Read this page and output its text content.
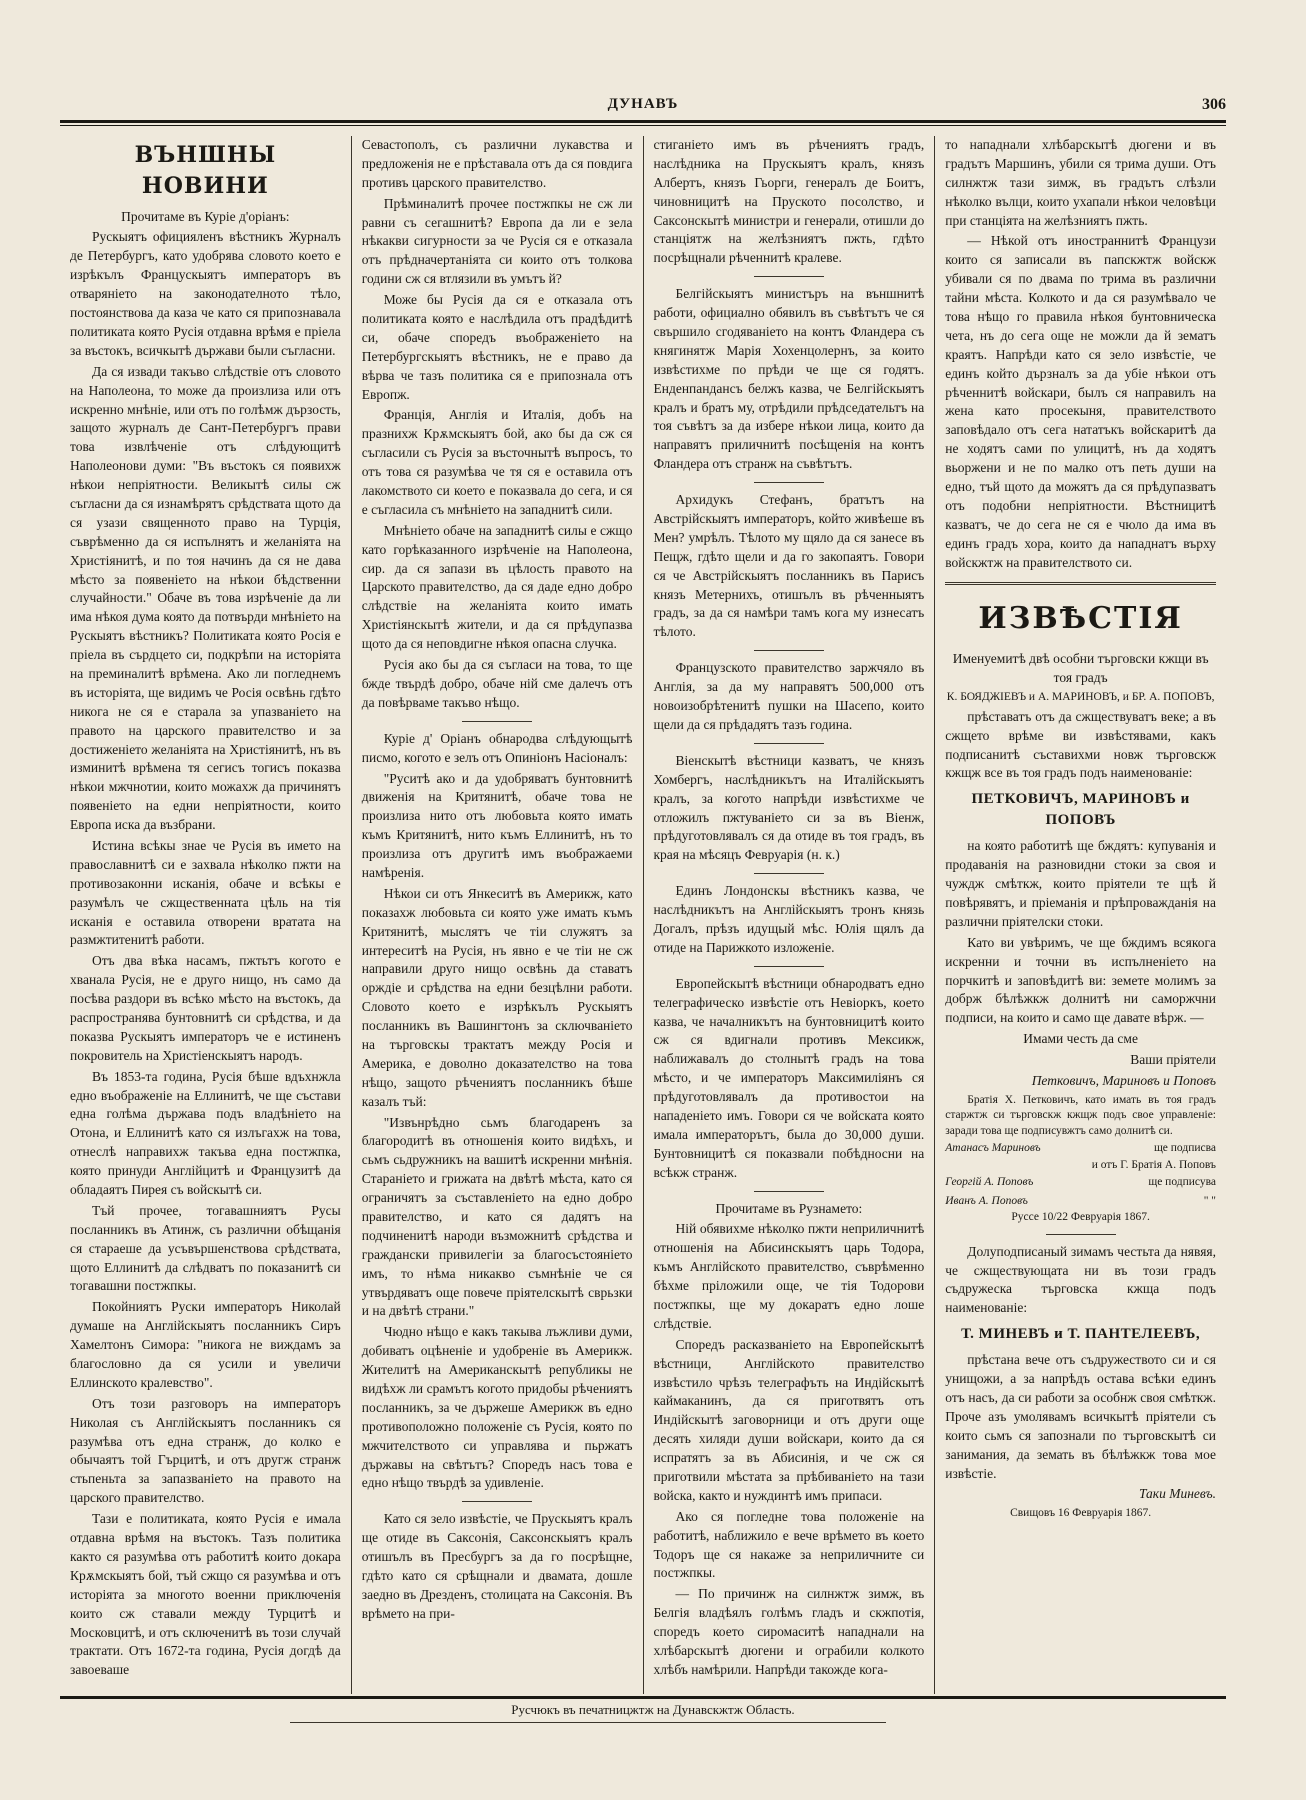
ДУНАВЪ	306
ВЪНШНЫ НОВИНИ

Прочитаме въ Курiе д'орiанъ:

Рускыятъ официяленъ вѣстникъ Журналъ де Петербургъ, като удобрява словото което е изрѣкълъ Францускыятъ императоръ въ отварянiето на законодателното тѣло, постоянствова да каза че като ся припознавала политиката която Русiя отдавна врѣмя е прiела за въстокъ, всичкытѣ държави были съгласни.

Да ся извади такъво слѣдствiе отъ словото на Наполеона, то може да произлиза или отъ искренно мнѣнiе, или отъ по голѣмж дързость, защото журналъ де Сант-Петербургъ прави това извлѣченiе отъ слѣдующитѣ Наполеонови думи: "Въ въстокъ ся появихж нѣкои непрiятности. Великытѣ силы сж съгласни да ся изнамѣрятъ срѣдствата щото да ся узази священното право на Турцiя, съврѣменно да ся испълнятъ и желанiята на Христiянитѣ, и по тоя начинъ да ся не дава мѣсто за появенiето на нѣкои бѣдственни случайности." Обаче въ това изрѣченiе да ли има нѣкоя дума която да потвърди мнѣнiето на Рускыятъ вѣстникъ? Политиката която Росiя е прiела въ сърдцето си, подкрѣпи на исторiята на преминалитѣ врѣмена. Ако ли погледнемъ въ исторiята, ще видимъ че Росiя освѣнь гдѣто никога не ся е старала за упазванiето на правото на царского правителство и за достиженiето желанiята на Христiянитѣ, нъ въ изминитѣ врѣмена тя сегисъ тогисъ показва нѣкои мжчнотии, които можахж да причинятъ появенiето на едни непрiятности, които Европа иска да възбрани.

Истина всѣкы знае че Русiя въ името на православнитѣ си е захвала нѣколко пжти на противозаконни исканiя, обаче и всѣкы е разумѣлъ че сжщественната цѣль на тiя исканiя е оставила отворени вратата на размжтитенитѣ работи.

Отъ два вѣка насамъ, пжтьтъ когото е хванала Русiя, не е друго нищо, нъ само да посѣва раздори въ всѣко мѣсто на въстокъ, да распространява бунтовнитѣ си срѣдства, и да показва Рускыятъ императоръ че е истиненъ покровитель на Христiенскыятъ народъ.

Въ 1853-та година, Русiя бѣше вдъхнжла едно въображенiе на Еллинитѣ, че ще състави една голѣма държава подъ владѣнiето на Отона, и Еллинитѣ като ся излъгахж на това, отнеслѣ направихж такъва една постжпка, която принуди Англiйцитѣ и Французитѣ да обладаятъ Пирея съ войскытѣ си.

Тъй прочее, тогавашниятъ Русы посланникъ въ Атинж, съ различни обѣщанiя ся стараеше да усъвършенствова срѣдствата, щото Еллинитѣ да слѣдватъ по показанитѣ си тогавашни постжпкы.

Покойниятъ Руски императоръ Николай думаше на Англiйскыятъ посланникъ Сиръ Хамелтонъ Симора: "никога не виждамъ за благословно да ся усили и увеличи Еллинското кралевство".

Отъ този разговоръ на императоръ Николая съ Англiйскыятъ посланникъ ся разумѣва отъ една странж, до колко е обычаятъ той Гърцитѣ, и отъ другж странж стьпеньта за запазванiето на правото на царского правителство.

Тази е политиката, която Русiя е имала отдавна врѣмя на въстокъ. Тазъ политика както ся разумѣва отъ работитѣ които докара Крѫмскыятъ бой, тъй сжщо ся разумѣва и отъ исторiята за многото военни приключенiя които сж ставали между Турцитѣ и Московцитѣ, и отъ сключенитѣ въ този случай трактати. Отъ 1672-та година, Русiя догдѣ да завоеваше

Севастополъ, съ различни лукавства и предложенiя не е прѣставала отъ да ся повдига противъ царского правителство.

Прѣминалитѣ прочее постжпкы не сж ли равни съ сегашнитѣ? Европа да ли е зела нѣкакви сигурности за че Русiя ся е отказала отъ прѣдначертанiята си които отъ толкова години сж ся втлязили въ умътъ й?

Може бы Русiя да ся е отказала отъ политиката която е наслѣдила отъ прадѣдитѣ си, обаче споредъ въображенiето на Петербургскыятъ вѣстникъ, не е право да вѣрва че тазъ политика ся е припознала отъ Европж.

Францiя, Англiя и Италiя, добъ на празнихж Крѫмскыятъ бой, ако бы да сж ся съгласили съ Русiя за въсточнытѣ въпросъ, то отъ това ся разумѣва че тя ся е оставила отъ лакомството си което е показвала до сега, и ся е съгласила съ мнѣнiето на западнитѣ сили.

Мнѣнiето обаче на западнитѣ силы е сжщо като горѣказанного изрѣченiе на Наполеона, сир. да ся запази въ цѣлость правото на Царското правителство, да ся даде едно добро слѣдствiе на желанiята които имать Христiянскытѣ жители, и да ся прѣдупазва щото да ся неповдигне нѣкоя опасна случка.

Русiя ако бы да ся съгласи на това, то ще бжде твърдѣ добро, обаче нiй сме далечъ отъ да повѣрваме такъво нѣщо.

Курiе д' Орiанъ обнародва слѣдующытѣ писмо, когото е зелъ отъ Опинiонъ Насiоналъ:

"Руситѣ ако и да удобряватъ бунтовнитѣ движенiя на Критянитѣ, обаче това не произлиза нито отъ любовьта която имать къмъ Критянитѣ, нито къмъ Еллинитѣ, нъ то произлиза отъ другитѣ имъ въображаеми намѣренiя.

Нѣкои си отъ Янкеситѣ въ Америкж, като показахж любовьта си която уже имать къмъ Критянитѣ, мыслятъ че тiи служятъ за интереситѣ на Русiя, нъ явно е че тiи не сж направили друго нищо освѣнь да ставатъ орждiе и срѣдства на едни безцѣлни работи. Словото което е изрѣкълъ Рускыятъ посланникъ въ Вашингтонъ за сключванiето на търговскы трактатъ между Росiя и Америка, е доволно доказателство на това нѣщо, защото рѣчениятъ посланникъ бѣше казалъ тъй:

"Извънрѣдно сьмъ благодаренъ за благородитѣ въ отношенiя които видѣхъ, и сьмъ сьдружникъ на вашитѣ искренни мнѣнiя. Старанiето и грижата на двѣтѣ мѣста, като ся ограничятъ за съставленiето на едно добро правителство, и като ся дадятъ на подчиненитѣ народи възможнитѣ срѣдства и граждански привилегiи за благосъстоянiето имъ, то нѣма никакво съмнѣнiе че ся утвърдяватъ още повече прiятелскытѣ сврьзки и на двѣтѣ страни."

Чюдно нѣщо е какъ такыва лъжливи думи, добиватъ оцѣненiе и удобренiе въ Америкж. Жителитѣ на Американскытѣ републикы не видѣхж ли срамътъ когото придобы рѣчениятъ посланникъ, за че държеше Америкж въ едно противоположно положенiе съ Русiя, която по мжчителството си управлява и пьржатъ държавы на свѣтътъ? Споредъ насъ това е едно нѣщо твърдѣ за удивленiе.

Като ся зело извѣстiе, че Прускыятъ кралъ ще отиде въ Саксонiя, Саксонскыятъ кралъ отишълъ въ Пресбургъ за да го посрѣщне, гдѣто като ся срѣщнали и двамата, дошле заедно въ Дрезденъ, столицата на Саксонiя. Въ врѣмето на при-

стиганiето имъ въ рѣчениятъ градъ, наслѣдника на Прускыятъ кралъ, князъ Албертъ, князъ Гьорги, генералъ де Боитъ, чиновницитѣ на Прускотo посолство, и Саксонскытѣ министри и генерали, отишли до станцiятж на желѣзниятъ пжть, гдѣто посрѣщнали рѣченнитѣ кралеве.

Белгiйскыятъ министъръ на външнитѣ работи, официално обявилъ въ съвѣтътъ че ся свършило сгодяванiето на контъ Фландера съ княгинятж Марiя Хохенцолернъ, за които извѣстихме по прѣди че ще ся годятъ. Енденпандансъ белжъ казва, че Белгiйскыятъ кралъ и братъ му, отрѣдили прѣдседательтъ на тоя съвѣтъ за да избере нѣкои лица, които да направятъ приличнитѣ посѣщенiя на контъ Фландера отъ странж на съвѣтътъ.

Архидукъ Стефанъ, братътъ на Австрiйскыятъ императоръ, който живѣеше въ Мен? умрѣлъ. Тѣлото му щяло да ся занесе въ Пещж, гдѣто щели и да го закопаятъ. Говори ся че Австрiйскыятъ посланникъ въ Парисъ князъ Метернихъ, отишълъ въ рѣченныятъ градъ, за да ся намѣри тамъ кога му изнесатъ тѣлото.

Французското правителство заржчяло въ Англiя, за да му направятъ 500,000 отъ новоизобрѣтенитѣ пушки на Шасепо, които щели да ся прѣдадятъ тазъ година.

Вiенскытѣ вѣстници казватъ, че князъ Хомбергъ, наслѣдникътъ на Италiйскыятъ кралъ, за когото напрѣди извѣстихме че отложилъ пжтуванiето си за въ Вiенж, прѣдуготовлявалъ ся да отиде въ тоя градъ, въ края на мѣсяцъ Февруарiя (н. к.)

Единъ Лондонскы вѣстникъ казва, че наслѣдникътъ на Англiйскыятъ тронъ князь Догалъ, прѣзъ идущый мѣс. Юлiя щялъ да отиде на Парижкото изложенiе.

Европейскытѣ вѣстници обнародватъ едно телеграфическо извѣстiе отъ Невiоркъ, което казва, че началникътъ на бунтовницитѣ които сж ся вдигнали противъ Мексикж, наближавалъ до столнытѣ градъ на това мѣсто, и че императоръ Максимилiянъ ся прѣдуготовлявалъ да противостои на нападенiето имъ. Говори ся че войската която имала императорътъ, была до 30,000 души. Бунтовницитѣ ся показвали побѣдносни на всѣкж странж.

Прочитаме въ Рузнамето:

Нiй обявихме нѣколко пжти неприличнитѣ отношенiя на Абисинскыятъ царь Тодора, къмъ Англiйското правителство, съврѣменно бѣхме прiложили още, че тiя Тодорови постжпкы, ще му докаратъ едно лоше слѣдствiе.

Споредъ расказванiето на Европейскытѣ вѣстници, Англiйското правителство извѣстило чрѣзъ телеграфъть на Индiйскытѣ каймаканинъ, да ся приготвятъ отъ Индiйскытѣ заговорници и отъ други още десять хиляди души войскари, които да ся испратятъ за въ Абисинiя, и че сж ся приготвили мѣстата за прѣбиванiето на тази войска, както и нуждинтѣ имъ припаси.

Ако ся погледне това положенiе на работитѣ, наближило е вече врѣмето въ което Тодоръ ще ся накаже за неприличните си постжпкы.

— По причинж на силнжтж зимж, въ Белгiя владѣялъ голѣмъ гладъ и скжпотiя, споредъ което сиромаситѣ нападнали на хлѣбарскытѣ дюгени и ограбили колкото хлѣбъ намѣрили. Напрѣди такожде кога-

то нападнали хлѣбарскытѣ дюгени и въ градътъ Маршинъ, убили ся трима души. Отъ силнжтж тази зимж, въ градътъ слѣзли нѣколко вълци, които ухапали нѣкои человѣци при станцiята на желѣзниятъ пжть.

— Нѣкой отъ иностраннитѣ Французи които ся записали въ папскжтж войскж убивали ся по двама по трима въ различни тайни мѣста. Колкото и да ся разумѣвало че това нѣщо го правила нѣкоя бунтовническа чета, нъ до сега още не можли да й зематъ краятъ. Напрѣди като ся зело извѣстiе, че единъ който дързналъ за да убiе нѣкои отъ рѣченнитѣ войскари, былъ ся направилъ на жена като просекыня, правителството заповѣдало отъ сега нататъкъ войскаритѣ да не ходятъ сами по улицитѣ, нъ да ходятъ вьоржени и не по малко отъ петь души на едно, тъй щото да можятъ да ся прѣдупазватъ отъ подобни непрiятности. Вѣстницитѣ казватъ, че до сега не ся е чюло да има въ единъ градъ хора, които да нападнатъ върху войскжтж на правителството си.

ИЗВѢСТIЯ

Именуемитѣ двѣ особни търговски кжщи въ тоя градъ

К. БОЯДЖIЕВЪ и А. МАРИНОВЪ, и БР. А. ПОПОВЪ,

прѣставатъ отъ да сжществуватъ веке; а въ сжщето врѣме ви извѣстявами, какъ подписанитѣ съставихми новж търговскж кжщж все въ тоя градъ подъ наименованiе:

ПЕТКОВИЧЪ, МАРИНОВЪ и ПОПОВЪ

на която работитѣ ще бждятъ: купуванiя и продаванiя на разновидни стоки за своя и чуждж смѣткж, които прiятели те щѣ й повѣрявятъ, и прiеманiя и прѣпроважданiя на различни прiятелски стоки.

Като ви увѣримъ, че ще бждимъ всякога искренни и точни въ испълненiето на порчкитѣ и заповѣдитѣ ви: земете молимъ за добрж бѣлѣжкж долнитѣ ни саморжчни подписи, на които и само ще давате вѣрж. —

Имами честь да сме

Ваши прiятели

Петковичъ, Мариновъ и Поповъ

Братiя Х. Петковичъ, като имать въ тоя градъ старжтж си търговскж кжщж подъ свое управленiе: заради това ще подписувжтъ само долнитѣ си.

Атанасъ Мариновъ	ще подписва

и отъ Г. Братiя А. Поповъ

Георгiй А. Поповъ	ще подписува
Иванъ А. Поповъ	" "

Руссе 10/22 Февруарiя 1867.

Долуподписаный зимамъ честьта да нявяя, че сжществующата ни въ този градъ съдружеска търговска кжща подъ наименованiе:

Т. МИНЕВЪ и Т. ПАНТЕЛЕЕВЪ,

прѣстана вече отъ съдружеството си и ся унищожи, а за напрѣдъ остава всѣки единъ отъ насъ, да си работи за особнж своя смѣткж. Проче азъ умолявамъ всичкытѣ прiятели съ които сьмъ ся запознали по търговскытѣ си занимания, да земать въ бѣлѣжкж това мое извѣстiе.

Таки Миневъ.

Свищовъ 16 Февруарiя 1867.

Русчюкъ въ печатницжтж на Дунавскжтж Область.
